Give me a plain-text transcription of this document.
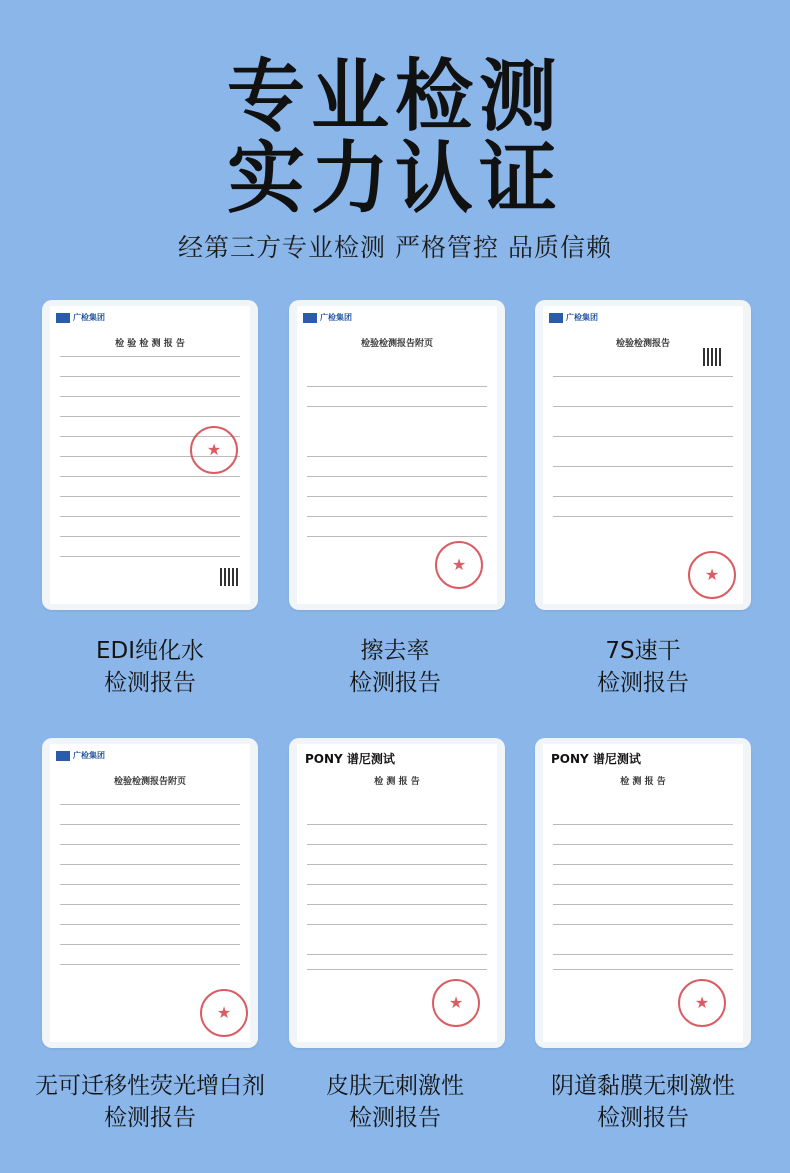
专业检测
实力认证
经第三方专业检测 严格管控 品质信赖
广检集团
检 验 检 测 报 告
★
广检集团
检验检测报告附页
★
广检集团
检验检测报告
★
EDI纯化水
检测报告
擦去率
检测报告
7S速干
检测报告
广检集团
检验检测报告附页
★
PONY 谱尼测试
检 测 报 告
★
PONY 谱尼测试
检 测 报 告
★
无可迁移性荧光增白剂
检测报告
皮肤无刺激性
检测报告
阴道黏膜无刺激性
检测报告
